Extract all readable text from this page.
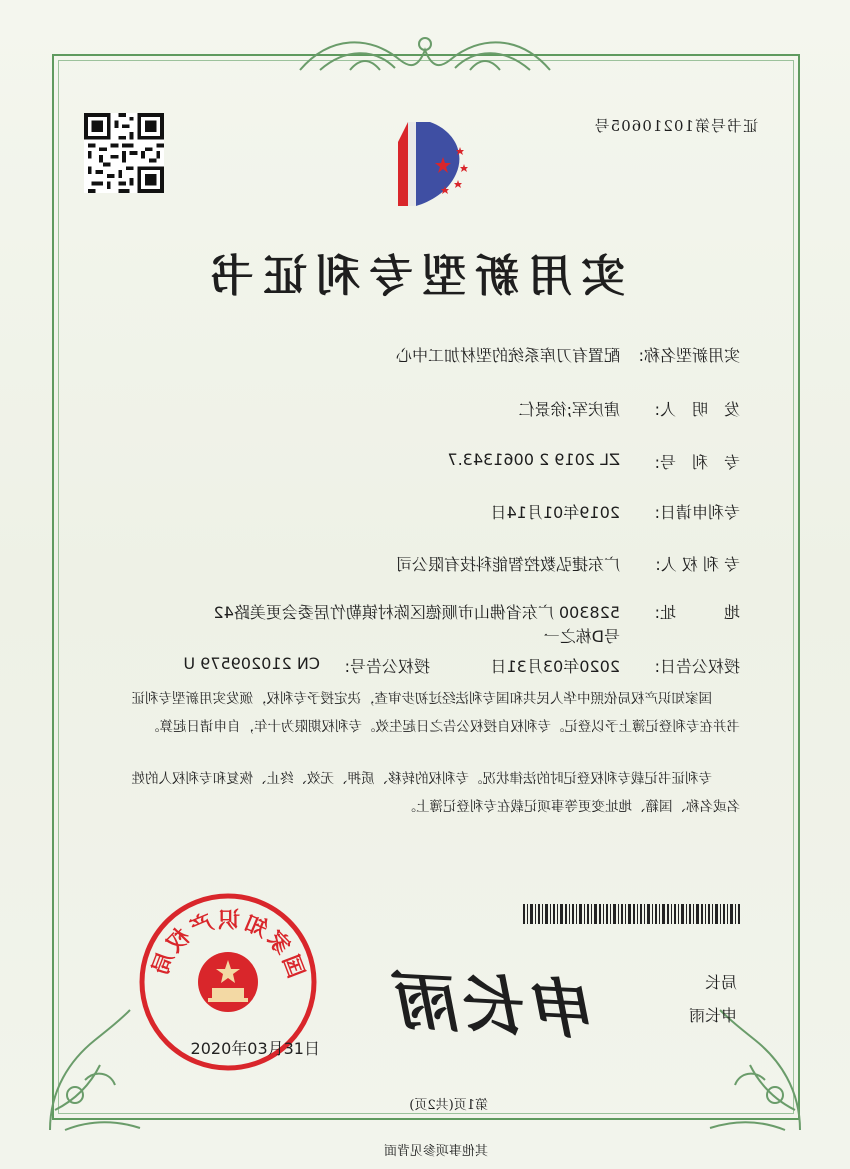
证书号第10210605号
实用新型专利证书
实用新型名称:
配置有刀库系统的型材加工中心
发　明　人:
唐庆军;徐景仁
专　利　号:
ZL 2019 2 0061343.7
专利申请日:
2019年01月14日
专 利 权 人:
广东捷弘数控智能科技有限公司
地　　　址:
528300 广东省佛山市顺德区陈村镇勒竹居委会更美路42
号D栋之一
授权公告日:
2020年03月31日
授权公告号:
CN 210209579 U
国家知识产权局依照中华人民共和国专利法经过初步审查，决定授予专利权，颁发实用新型专利证书并在专利登记簿上予以登记。专利权自授权公告之日起生效。专利权期限为十年，自申请日起算。
专利证书记载专利权登记时的法律状况。专利权的转移、质押、无效、终止、恢复和专利权人的姓名或名称、国籍、地址变更等事项记载在专利登记簿上。
局长
申长雨
申长雨
国家知识产权局
2020年03月31日
第1页(共2页)
其他事项参见背面
